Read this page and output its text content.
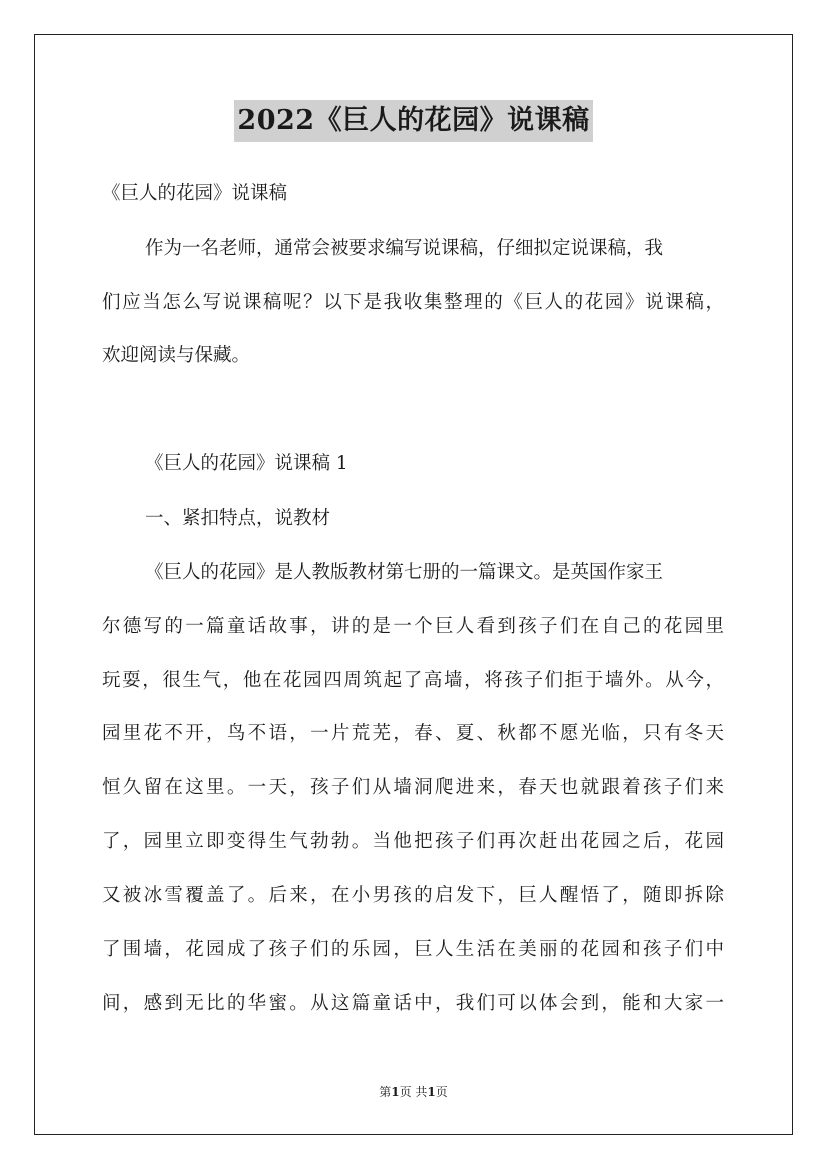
2022《巨人的花园》说课稿
《巨人的花园》说课稿
作为一名老师，通常会被要求编写说课稿，仔细拟定说课稿，我
们应当怎么写说课稿呢？以下是我收集整理的《巨人的花园》说课稿，
欢迎阅读与保藏。
《巨人的花园》说课稿 1
一、紧扣特点，说教材
《巨人的花园》是人教版教材第七册的一篇课文。是英国作家王
尔德写的一篇童话故事，讲的是一个巨人看到孩子们在自己的花园里
玩耍，很生气，他在花园四周筑起了高墙，将孩子们拒于墙外。从今，
园里花不开，鸟不语，一片荒芜，春、夏、秋都不愿光临，只有冬天
恒久留在这里。一天，孩子们从墙洞爬进来，春天也就跟着孩子们来
了，园里立即变得生气勃勃。当他把孩子们再次赶出花园之后，花园
又被冰雪覆盖了。后来，在小男孩的启发下，巨人醒悟了，随即拆除
了围墙，花园成了孩子们的乐园，巨人生活在美丽的花园和孩子们中
间，感到无比的华蜜。从这篇童话中，我们可以体会到，能和大家一
第1页 共1页
